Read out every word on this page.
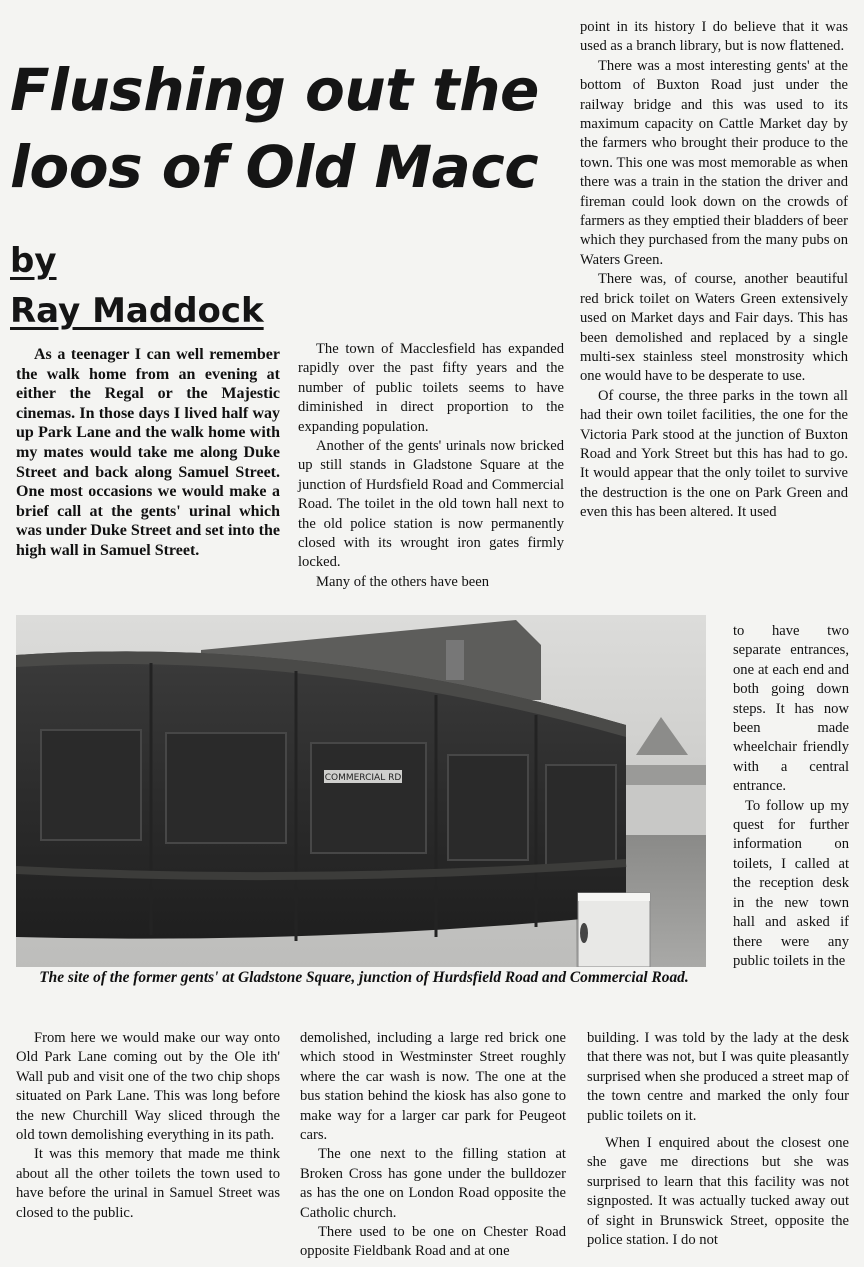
Flushing out the
loos of Old Macc
by
Ray Maddock

As a teenager I can well remember the walk home from an evening at either the Regal or the Majestic cinemas. In those days I lived half way up Park Lane and the walk home with my mates would take me along Duke Street and back along Samuel Street. One most occasions we would make a brief call at the gents' urinal which was under Duke Street and set into the high wall in Samuel Street.

The town of Macclesfield has expanded rapidly over the past fifty years and the number of public toilets seems to have diminished in direct proportion to the expanding population.

Another of the gents' urinals now bricked up still stands in Gladstone Square at the junction of Hurdsfield Road and Commercial Road. The toilet in the old town hall next to the old police station is now permanently closed with its wrought iron gates firmly locked.

Many of the others have been

point in its history I do believe that it was used as a branch library, but is now flattened.

There was a most interesting gents' at the bottom of Buxton Road just under the railway bridge and this was used to its maximum capacity on Cattle Market day by the farmers who brought their produce to the town. This one was most memorable as when there was a train in the station the driver and fireman could look down on the crowds of farmers as they emptied their bladders of beer which they purchased from the many pubs on Waters Green.

There was, of course, another beautiful red brick toilet on Waters Green extensively used on Market days and Fair days. This has been demolished and replaced by a single multi-sex stainless steel monstrosity which one would have to be desperate to use.

Of course, the three parks in the town all had their own toilet facilities, the one for the Victoria Park stood at the junction of Buxton Road and York Street but this has had to go. It would appear that the only toilet to survive the destruction is the one on Park Green and even this has been altered. It used

to have two separate entrances, one at each end and both going down steps. It has now been made wheelchair friendly with a central entrance.

To follow up my quest for further information on toilets, I called at the reception desk in the new town hall and asked if there were any public toilets in the

COMMERCIAL RD
The site of the former gents' at Gladstone Square, junction of Hurdsfield Road and Commercial Road.

From here we would make our way onto Old Park Lane coming out by the Ole ith' Wall pub and visit one of the two chip shops situated on Park Lane. This was long before the new Churchill Way sliced through the old town demolishing everything in its path.

It was this memory that made me think about all the other toilets the town used to have before the urinal in Samuel Street was closed to the public.

demolished, including a large red brick one which stood in Westminster Street roughly where the car wash is now. The one at the bus station behind the kiosk has also gone to make way for a larger car park for Peugeot cars.

The one next to the filling station at Broken Cross has gone under the bulldozer as has the one on London Road opposite the Catholic church.

There used to be one on Chester Road opposite Fieldbank Road and at one

building. I was told by the lady at the desk that there was not, but I was quite pleasantly surprised when she produced a street map of the town centre and marked the only four public toilets on it.

When I enquired about the closest one she gave me directions but she was surprised to learn that this facility was not signposted. It was actually tucked away out of sight in Brunswick Street, opposite the police station. I do not
